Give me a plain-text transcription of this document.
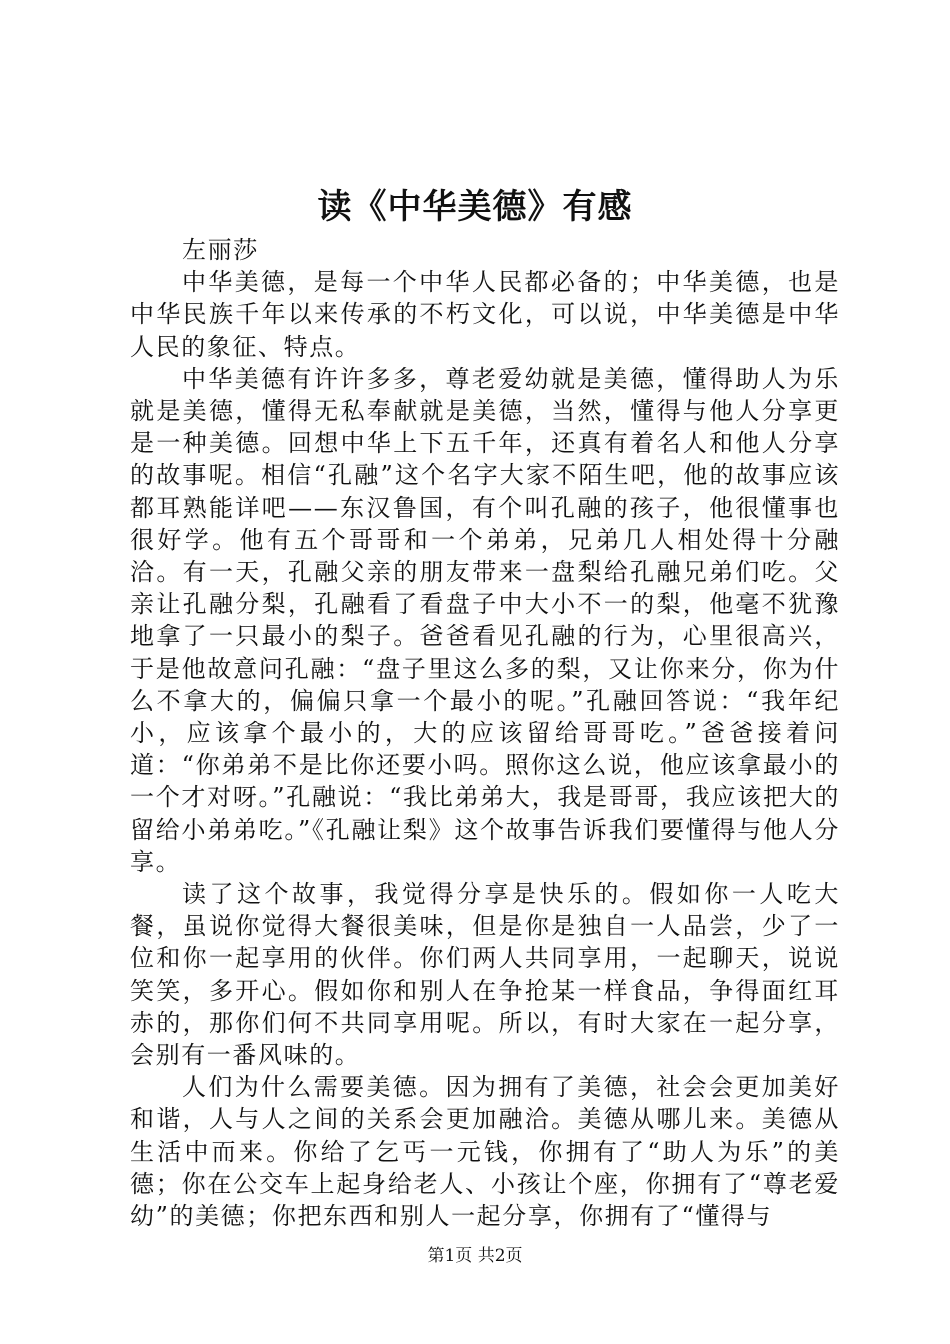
读《中华美德》有感

左丽莎

中华美德，是每一个中华人民都必备的；中华美德，也是中华民族千年以来传承的不朽文化，可以说，中华美德是中华人民的象征、特点。

中华美德有许许多多，尊老爱幼就是美德，懂得助人为乐就是美德，懂得无私奉献就是美德，当然，懂得与他人分享更是一种美德。回想中华上下五千年，还真有着名人和他人分享的故事呢。相信“孔融”这个名字大家不陌生吧，他的故事应该都耳熟能详吧——东汉鲁国，有个叫孔融的孩子，他很懂事也很好学。他有五个哥哥和一个弟弟，兄弟几人相处得十分融洽。有一天，孔融父亲的朋友带来一盘梨给孔融兄弟们吃。父亲让孔融分梨，孔融看了看盘子中大小不一的梨，他毫不犹豫地拿了一只最小的梨子。爸爸看见孔融的行为，心里很高兴，于是他故意问孔融：“盘子里这么多的梨，又让你来分，你为什么不拿大的，偏偏只拿一个最小的呢。”孔融回答说：“我年纪小，应该拿个最小的，大的应该留给哥哥吃。”爸爸接着问道：“你弟弟不是比你还要小吗。照你这么说，他应该拿最小的一个才对呀。”孔融说：“我比弟弟大，我是哥哥，我应该把大的留给小弟弟吃。”《孔融让梨》这个故事告诉我们要懂得与他人分享。

读了这个故事，我觉得分享是快乐的。假如你一人吃大餐，虽说你觉得大餐很美味，但是你是独自一人品尝，少了一位和你一起享用的伙伴。你们两人共同享用，一起聊天，说说笑笑，多开心。假如你和别人在争抢某一样食品，争得面红耳赤的，那你们何不共同享用呢。所以，有时大家在一起分享，会别有一番风味的。

人们为什么需要美德。因为拥有了美德，社会会更加美好和谐，人与人之间的关系会更加融洽。美德从哪儿来。美德从生活中而来。你给了乞丐一元钱，你拥有了“助人为乐”的美德；你在公交车上起身给老人、小孩让个座，你拥有了“尊老爱幼”的美德；你把东西和别人一起分享，你拥有了“懂得与

第1页 共2页
